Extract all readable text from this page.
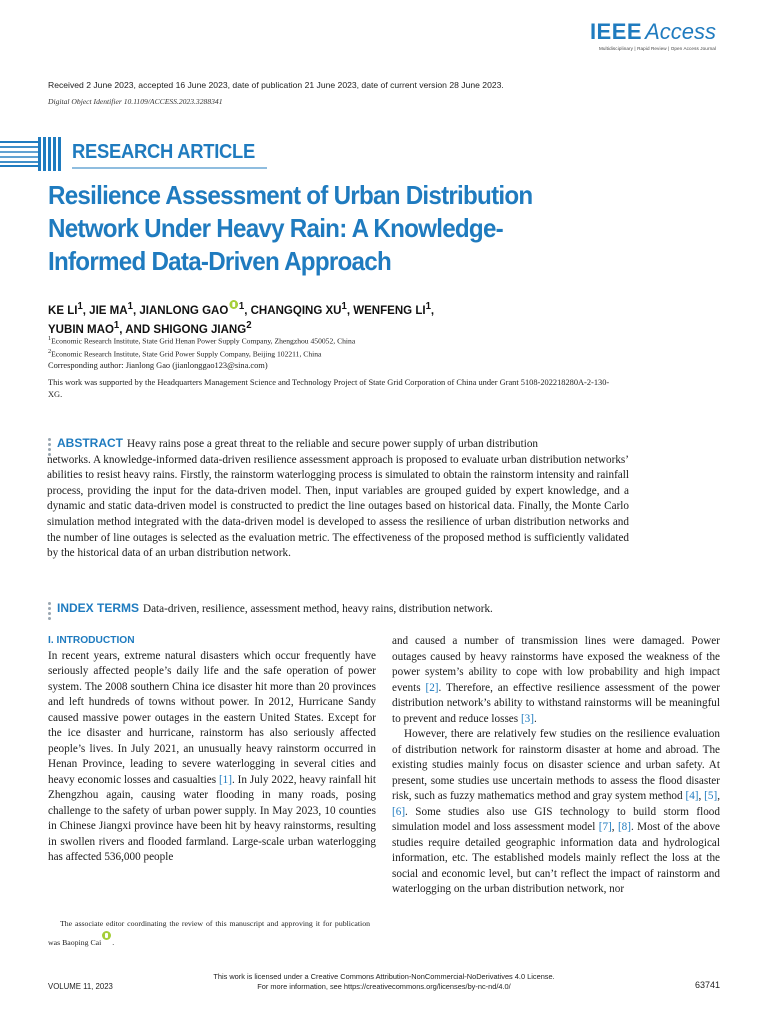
IEEE Access
Multidisciplinary | Rapid Review | Open Access Journal
Received 2 June 2023, accepted 16 June 2023, date of publication 21 June 2023, date of current version 28 June 2023.
Digital Object Identifier 10.1109/ACCESS.2023.3288341
RESEARCH ARTICLE
Resilience Assessment of Urban Distribution
Network Under Heavy Rain: A Knowledge-
Informed Data-Driven Approach
KE $LI^1$, JIE $MA^1$, JIANLONG GAO $^1$, CHANGQING $XU^1$, WENFENG $LI^1$,
YUBIN MAO$^1$, AND SHIGONG JIANG$^2$
$^1$Economic Research Institute, State Grid Henan Power Supply Company, Zhengzhou 450052, China
$^2$Economic Research Institute, State Grid Power Supply Company, Beijing 102211, China
Corresponding author: Jianlong Gao (jianlonggao123@sina.com)
This work was supported by the Headquarters Management Science and Technology Project of State Grid Corporation of China under Grant 5108-202218280A-2-130-XG.
ABSTRACT Heavy rains pose a great threat to the reliable and secure power supply of urban distribution
networks. A knowledge-informed data-driven resilience assessment approach is proposed to evaluate urban distribution networks’ abilities to resist heavy rains. Firstly, the rainstorm waterlogging process is simulated to obtain the rainstorm intensity and rainfall process, providing the input for the data-driven model. Then, input variables are grouped guided by expert knowledge, and a dynamic and static data-driven model is constructed to predict the line outages based on historical data. Finally, the Monte Carlo simulation method integrated with the data-driven model is developed to assess the resilience of urban distribution networks and the number of line outages is selected as the evaluation metric. The effectiveness of the proposed method is sufficiently validated by the historical data of an urban distribution network.
INDEX TERMS Data-driven, resilience, assessment method, heavy rains, distribution network.
I. INTRODUCTION

In recent years, extreme natural disasters which occur frequently have seriously affected people’s daily life and the safe operation of power system. The 2008 southern China ice disaster hit more than 20 provinces and left hundreds of towns without power. In 2012, Hurricane Sandy caused massive power outages in the eastern United States. Except for the ice disaster and hurricane, rainstorm has also seriously affected people’s lives. In July 2021, an unusually heavy rainstorm occurred in Henan Province, leading to severe waterlogging in several cities and heavy economic losses and casualties [1]. In July 2022, heavy rainfall hit Zhengzhou again, causing water flooding in many roads, posing challenge to the safety of urban power supply. In May 2023, 10 counties in Chinese Jiangxi province have been hit by heavy rainstorms, resulting in swollen rivers and flooded farmland. Large-scale urban waterlogging has affected 536,000 people

The associate editor coordinating the review of this manuscript and approving it for publication was Baoping Cai .

and caused a number of transmission lines were damaged. Power outages caused by heavy rainstorms have exposed the weakness of the power system’s ability to cope with low probability and high impact events [2]. Therefore, an effective resilience assessment of the power distribution network’s ability to withstand rainstorms will be meaningful to prevent and reduce losses [3].

However, there are relatively few studies on the resilience evaluation of distribution network for rainstorm disaster at home and abroad. The existing studies mainly focus on disaster science and urban safety. At present, some studies use uncertain methods to assess the flood disaster risk, such as fuzzy mathematics method and gray system method [4], [5], [6]. Some studies also use GIS technology to build storm flood simulation model and loss assessment model [7], [8]. Most of the above studies require detailed geographic information data and hydrological information, etc. The established models mainly reflect the loss at the social and economic level, but can’t reflect the impact of rainstorm and waterlogging on the urban distribution network, nor

This work is licensed under a Creative Commons Attribution-NonCommercial-NoDerivatives 4.0 License.
For more information, see https://creativecommons.org/licenses/by-nc-nd/4.0/
VOLUME 11, 2023	63741
